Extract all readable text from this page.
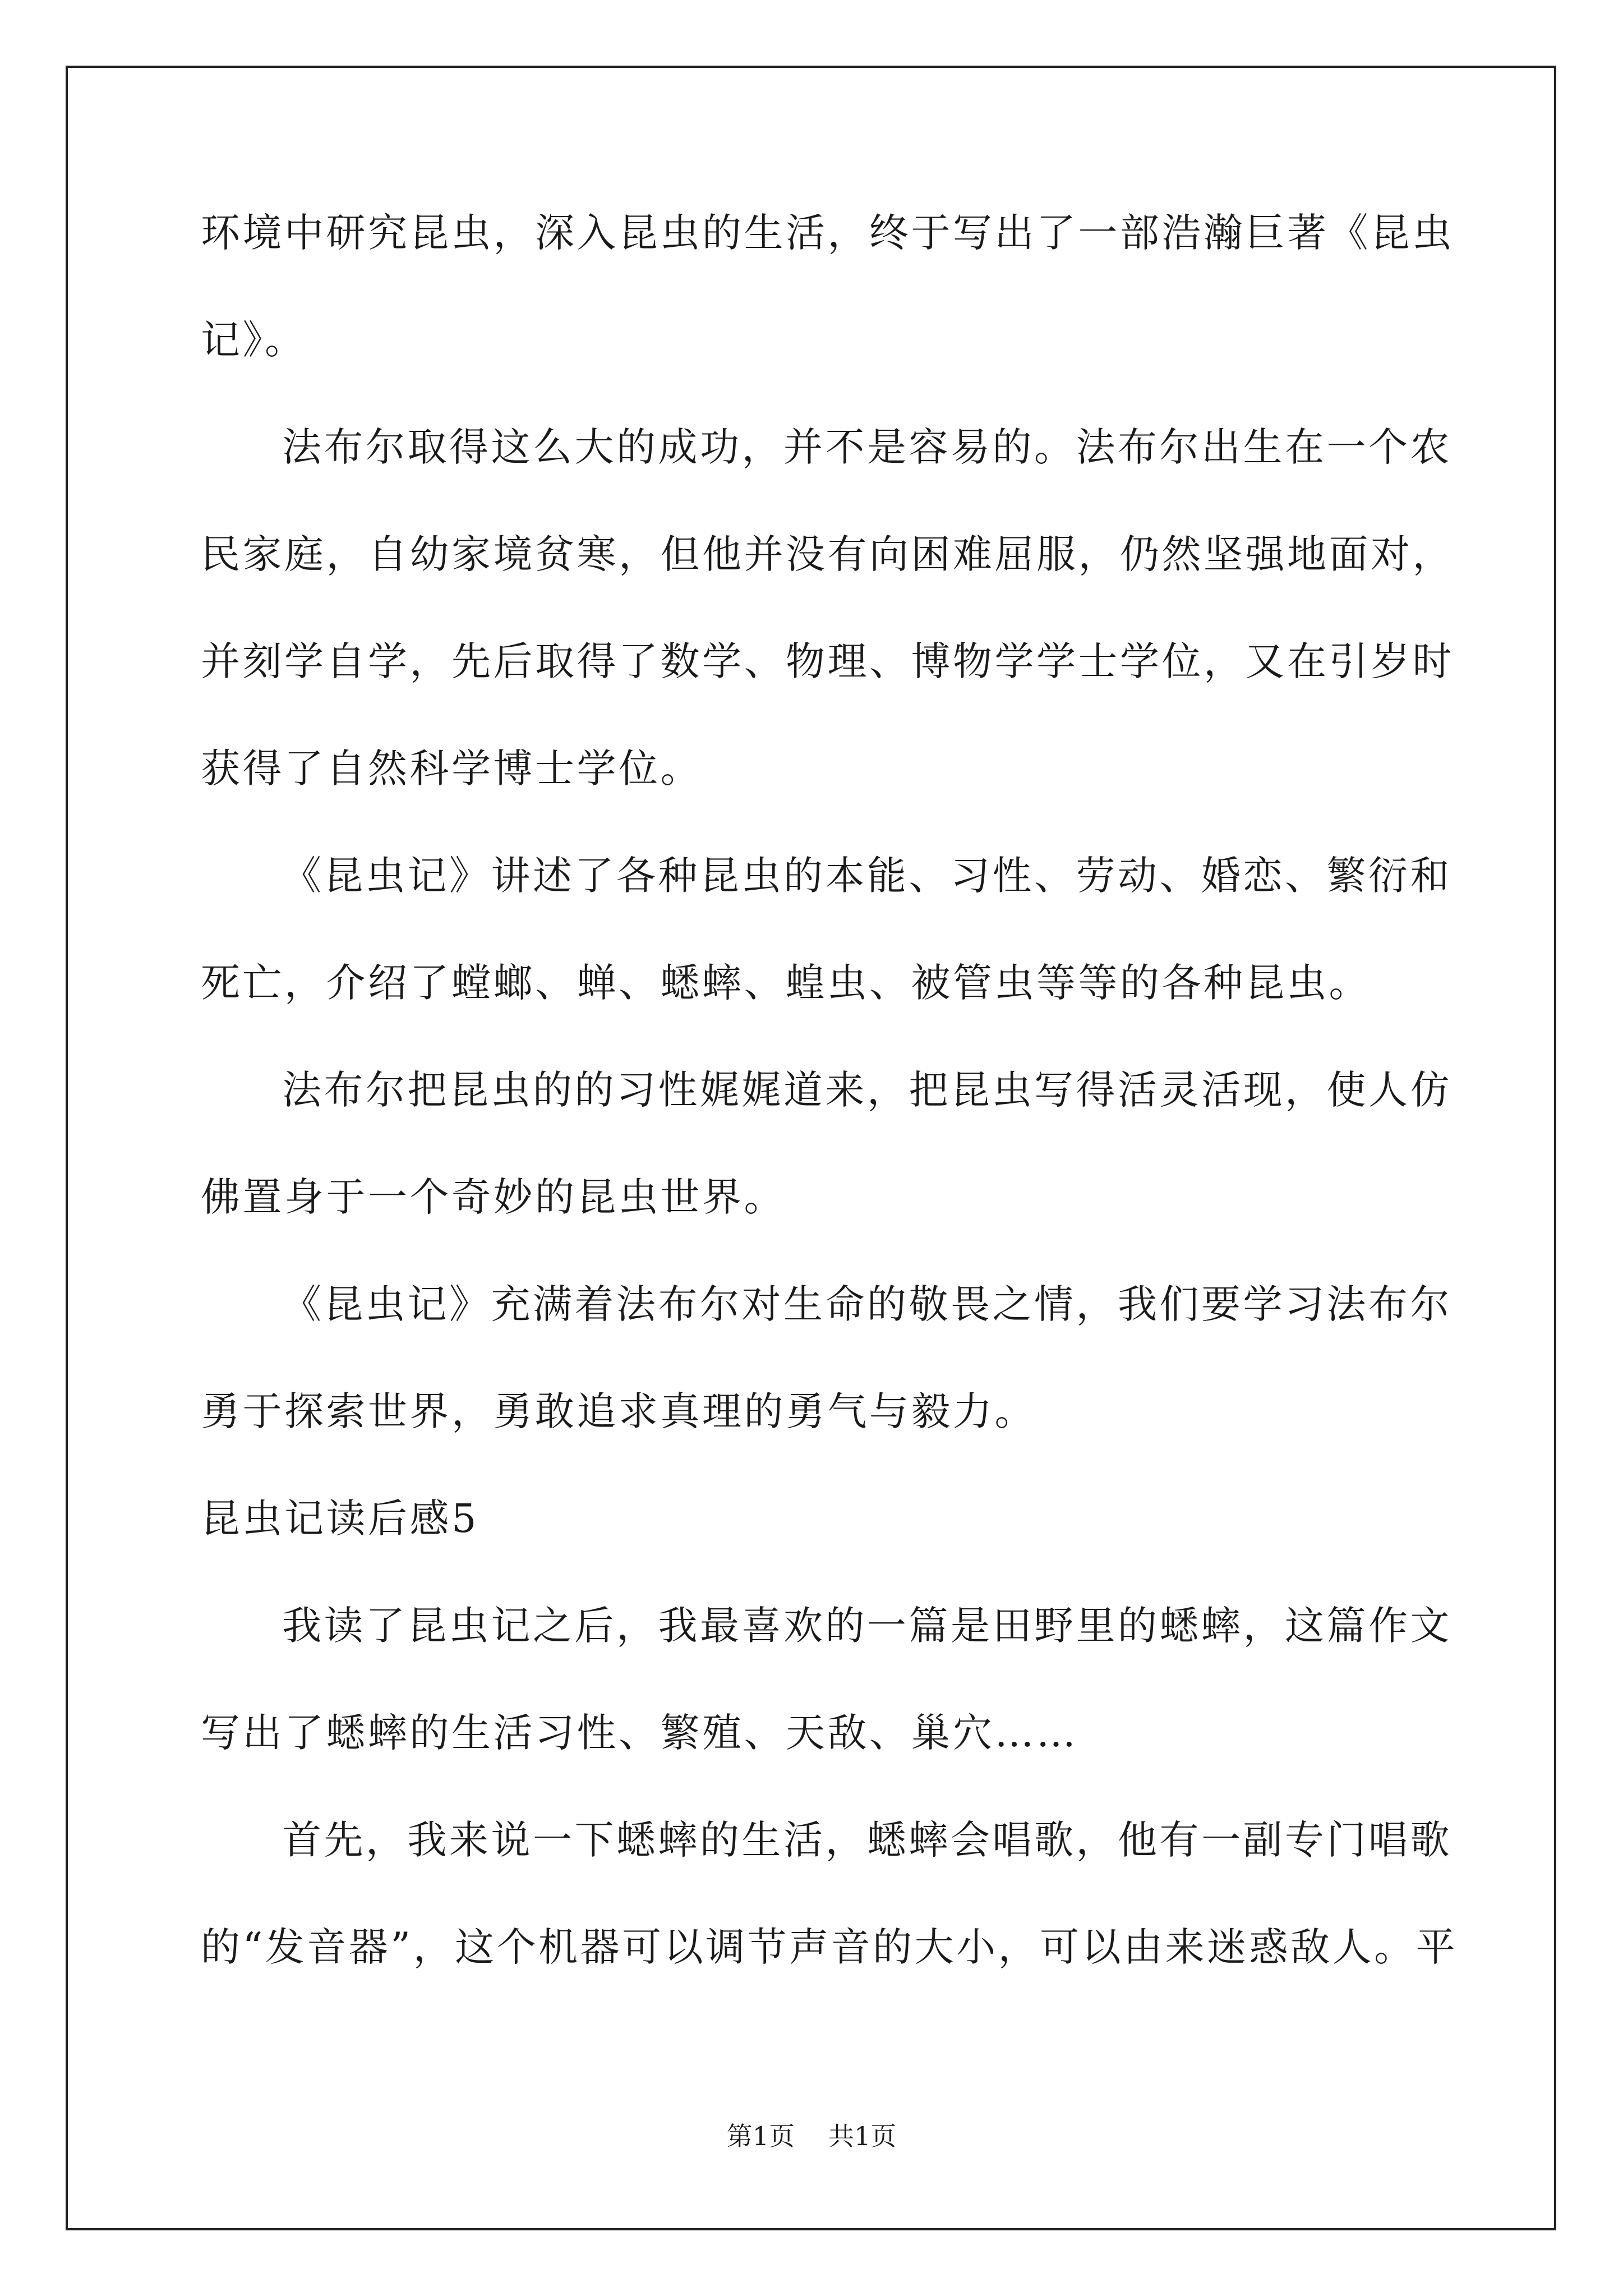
环境中研究昆虫，深入昆虫的生活，终于写出了一部浩瀚巨著《昆虫
记》。
法布尔取得这么大的成功，并不是容易的。法布尔出生在一个农
民家庭，自幼家境贫寒，但他并没有向困难屈服，仍然坚强地面对，
并刻学自学，先后取得了数学、物理、博物学学士学位，又在引岁时
获得了自然科学博士学位。
《昆虫记》讲述了各种昆虫的本能、习性、劳动、婚恋、繁衍和
死亡，介绍了螳螂、蝉、蟋蟀、蝗虫、被管虫等等的各种昆虫。
法布尔把昆虫的的习性娓娓道来，把昆虫写得活灵活现，使人仿
佛置身于一个奇妙的昆虫世界。
《昆虫记》充满着法布尔对生命的敬畏之情，我们要学习法布尔
勇于探索世界，勇敢追求真理的勇气与毅力。
昆虫记读后感5
我读了昆虫记之后，我最喜欢的一篇是田野里的蟋蟀，这篇作文
写出了蟋蟀的生活习性、繁殖、天敌、巢穴……
首先，我来说一下蟋蟀的生活，蟋蟀会唱歌，他有一副专门唱歌
的“发音器”，这个机器可以调节声音的大小，可以由来迷惑敌人。平
第1页 共1页
